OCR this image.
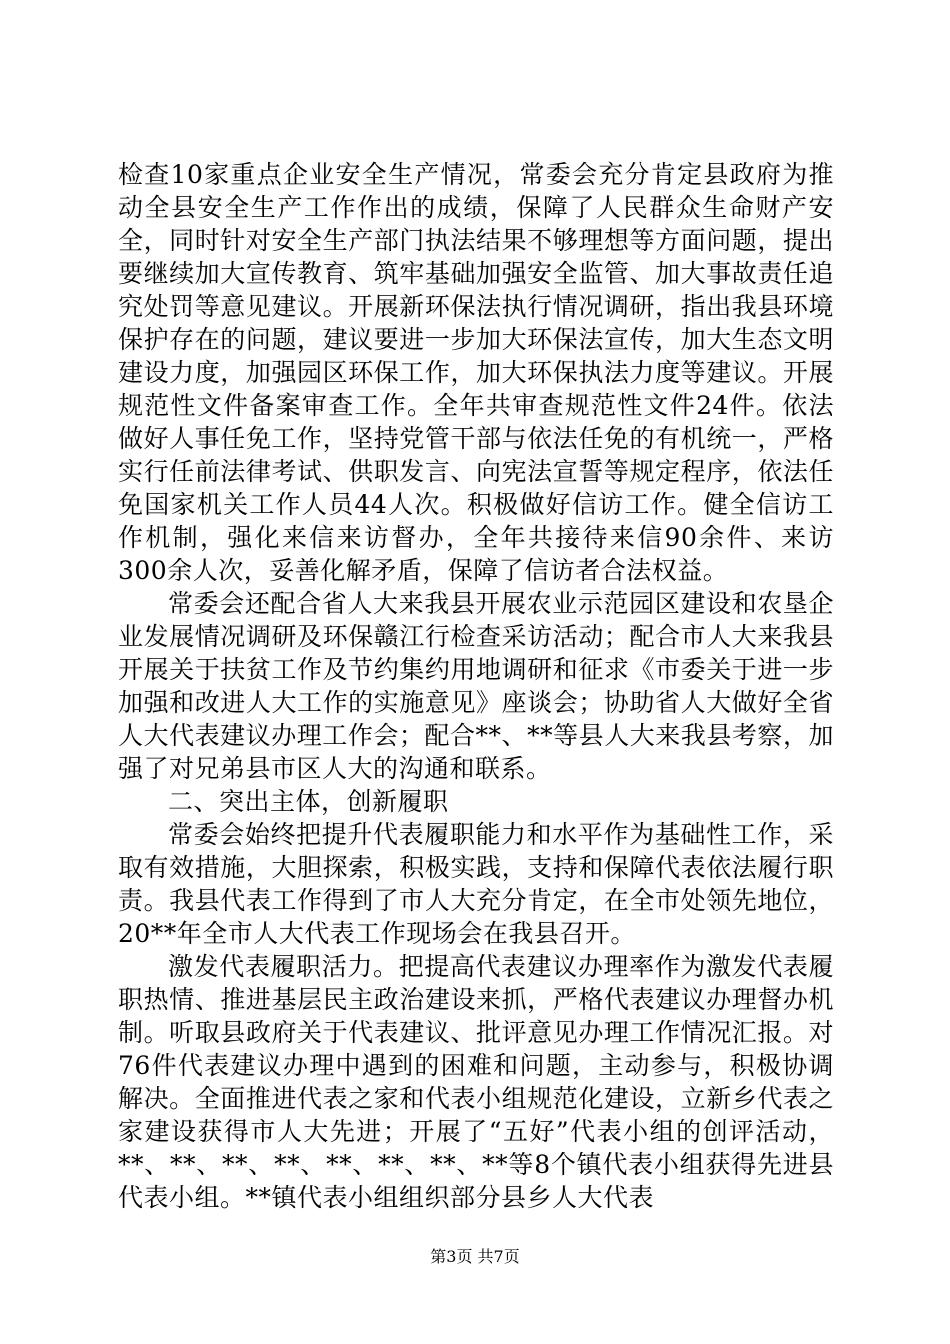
检查10家重点企业安全生产情况，常委会充分肯定县政府为推动全县安全生产工作作出的成绩，保障了人民群众生命财产安全，同时针对安全生产部门执法结果不够理想等方面问题，提出要继续加大宣传教育、筑牢基础加强安全监管、加大事故责任追究处罚等意见建议。开展新环保法执行情况调研，指出我县环境保护存在的问题，建议要进一步加大环保法宣传，加大生态文明建设力度，加强园区环保工作，加大环保执法力度等建议。开展规范性文件备案审查工作。全年共审查规范性文件24件。依法做好人事任免工作，坚持党管干部与依法任免的有机统一，严格实行任前法律考试、供职发言、向宪法宣誓等规定程序，依法任免国家机关工作人员44人次。积极做好信访工作。健全信访工作机制，强化来信来访督办，全年共接待来信90余件、来访300余人次，妥善化解矛盾，保障了信访者合法权益。

常委会还配合省人大来我县开展农业示范园区建设和农垦企业发展情况调研及环保赣江行检查采访活动；配合市人大来我县开展关于扶贫工作及节约集约用地调研和征求《市委关于进一步加强和改进人大工作的实施意见》座谈会；协助省人大做好全省人大代表建议办理工作会；配合**、**等县人大来我县考察，加强了对兄弟县市区人大的沟通和联系。

二、突出主体，创新履职

常委会始终把提升代表履职能力和水平作为基础性工作，采取有效措施，大胆探索，积极实践，支持和保障代表依法履行职责。我县代表工作得到了市人大充分肯定，在全市处领先地位，20**年全市人大代表工作现场会在我县召开。

激发代表履职活力。把提高代表建议办理率作为激发代表履职热情、推进基层民主政治建设来抓，严格代表建议办理督办机制。听取县政府关于代表建议、批评意见办理工作情况汇报。对76件代表建议办理中遇到的困难和问题，主动参与，积极协调解决。全面推进代表之家和代表小组规范化建设，立新乡代表之家建设获得市人大先进；开展了“五好”代表小组的创评活动，**、**、**、**、**、**、**、**等8个镇代表小组获得先进县代表小组。**镇代表小组组织部分县乡人大代表

第3页 共7页
